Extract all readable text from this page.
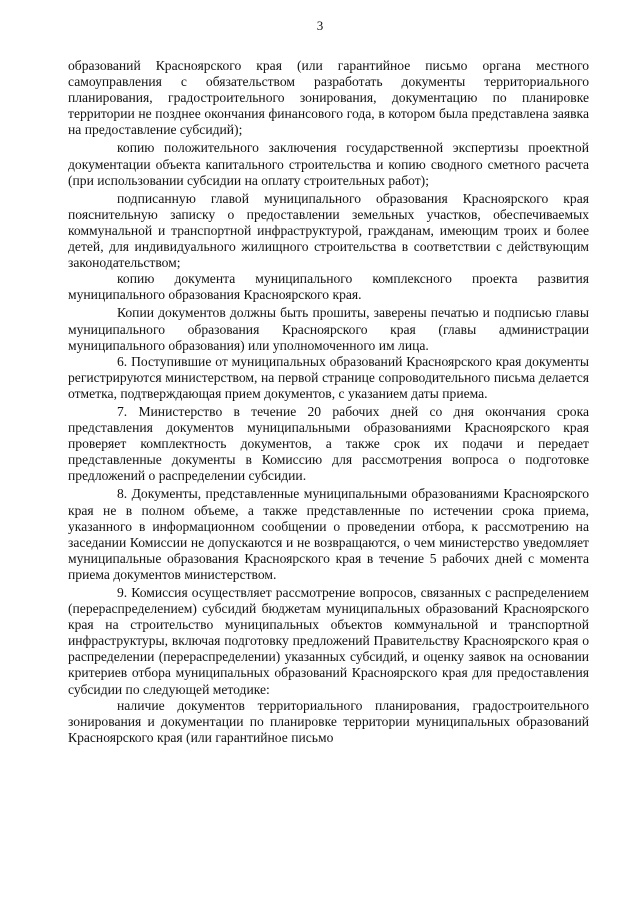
3

образований Красноярского края (или гарантийное письмо органа местного самоуправления с обязательством разработать документы территориального планирования, градостроительного зонирования, документацию по планировке территории не позднее окончания финансового года, в котором была представлена заявка на предоставление субсидий);

копию положительного заключения государственной экспертизы проектной документации объекта капитального строительства и копию сводного сметного расчета (при использовании субсидии на оплату строительных работ);

подписанную главой муниципального образования Красноярского края пояснительную записку о предоставлении земельных участков, обеспечиваемых коммунальной и транспортной инфраструктурой, гражданам, имеющим троих и более детей, для индивидуального жилищного строительства в соответствии с действующим законодательством;

копию документа муниципального комплексного проекта развития муниципального образования Красноярского края.

Копии документов должны быть прошиты, заверены печатью и подписью главы муниципального образования Красноярского края (главы администрации муниципального образования) или уполномоченного им лица.

6. Поступившие от муниципальных образований Красноярского края документы регистрируются министерством, на первой странице сопроводительного письма делается отметка, подтверждающая прием документов, с указанием даты приема.

7. Министерство в течение 20 рабочих дней со дня окончания срока представления документов муниципальными образованиями Красноярского края проверяет комплектность документов, а также срок их подачи и передает представленные документы в Комиссию для рассмотрения вопроса о подготовке предложений о распределении субсидии.

8. Документы, представленные муниципальными образованиями Красноярского края не в полном объеме, а также представленные по истечении срока приема, указанного в информационном сообщении о проведении отбора, к рассмотрению на заседании Комиссии не допускаются и не возвращаются, о чем министерство уведомляет муниципальные образования Красноярского края в течение 5 рабочих дней с момента приема документов министерством.

9. Комиссия осуществляет рассмотрение вопросов, связанных с распределением (перераспределением) субсидий бюджетам муниципальных образований Красноярского края на строительство муниципальных объектов коммунальной и транспортной инфраструктуры, включая подготовку предложений Правительству Красноярского края о распределении (перераспределении) указанных субсидий, и оценку заявок на основании критериев отбора муниципальных образований Красноярского края для предоставления субсидии по следующей методике:

наличие документов территориального планирования, градостроительного зонирования и документации по планировке территории муниципальных образований Красноярского края (или гарантийное письмо
